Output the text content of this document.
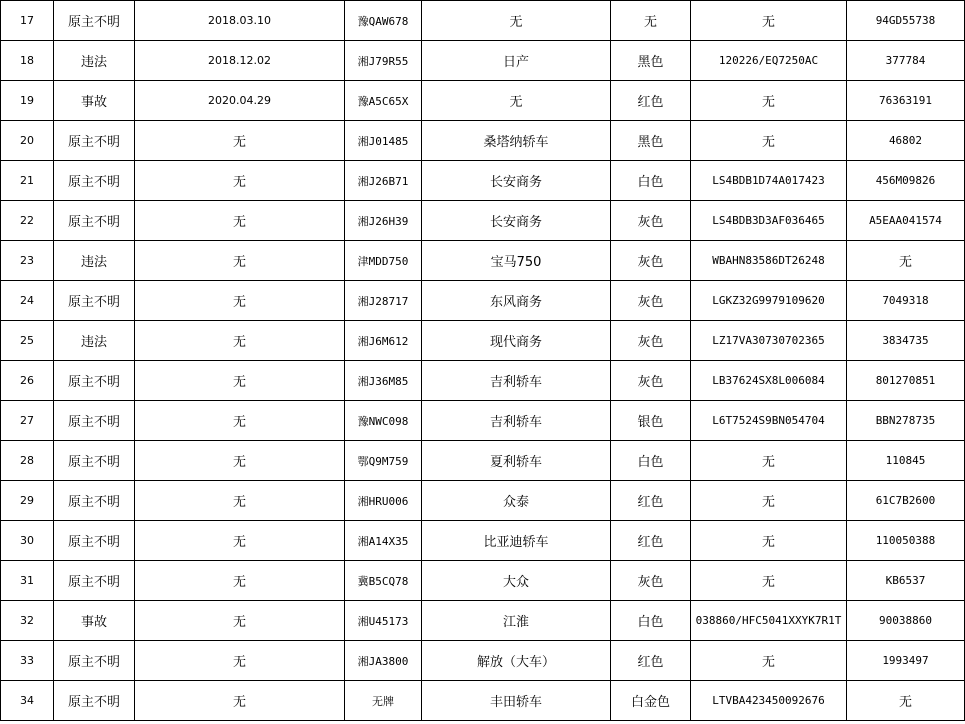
17	原主不明	2018.03.10	豫QAW678	无	无	无	94GD55738
18	违法	2018.12.02	湘J79R55	日产	黑色	120226/EQ7250AC	377784
19	事故	2020.04.29	豫A5C65X	无	红色	无	76363191
20	原主不明	无	湘J01485	桑塔纳轿车	黑色	无	46802
21	原主不明	无	湘J26B71	长安商务	白色	LS4BDB1D74A017423	456M09826
22	原主不明	无	湘J26H39	长安商务	灰色	LS4BDB3D3AF036465	A5EAA041574
23	违法	无	津MDD750	宝马750	灰色	WBAHN83586DT26248	无
24	原主不明	无	湘J28717	东风商务	灰色	LGKZ32G9979109620	7049318
25	违法	无	湘J6M612	现代商务	灰色	LZ17VA30730702365	3834735
26	原主不明	无	湘J36M85	吉利轿车	灰色	LB37624SX8L006084	801270851
27	原主不明	无	豫NWC098	吉利轿车	银色	L6T7524S9BN054704	BBN278735
28	原主不明	无	鄂Q9M759	夏利轿车	白色	无	110845
29	原主不明	无	湘HRU006	众泰	红色	无	61C7B2600
30	原主不明	无	湘A14X35	比亚迪轿车	红色	无	110050388
31	原主不明	无	冀B5CQ78	大众	灰色	无	KB6537
32	事故	无	湘U45173	江淮	白色	038860/HFC5041XXYK7R1T	90038860
33	原主不明	无	湘JA3800	解放（大车）	红色	无	1993497
34	原主不明	无	无牌	丰田轿车	白金色	LTVBA423450092676	无
